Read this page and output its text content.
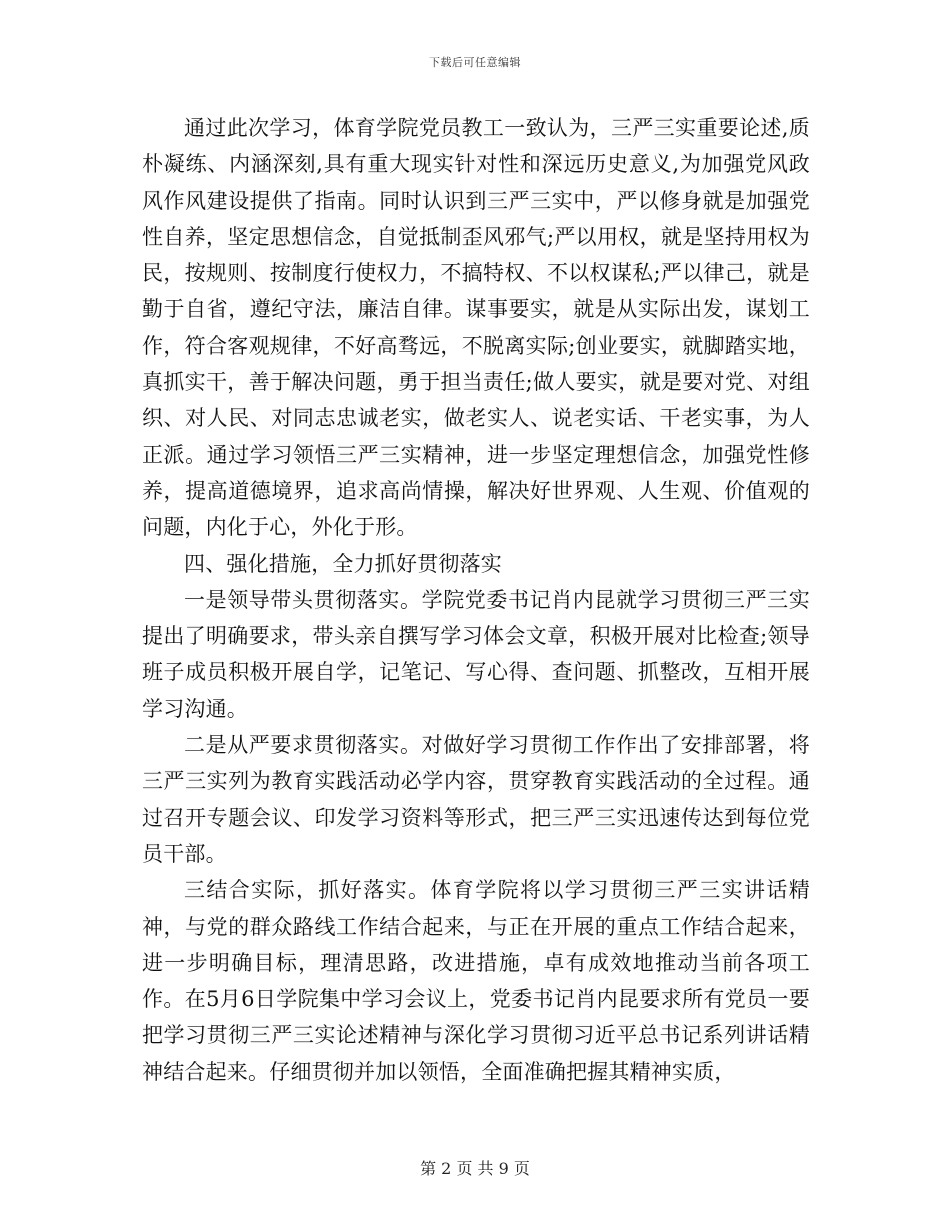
下载后可任意编辑

通过此次学习，体育学院党员教工一致认为，三严三实重要论述,质朴凝练、内涵深刻,具有重大现实针对性和深远历史意义,为加强党风政风作风建设提供了指南。同时认识到三严三实中，严以修身就是加强党性自养，坚定思想信念，自觉抵制歪风邪气;严以用权，就是坚持用权为民，按规则、按制度行使权力，不搞特权、不以权谋私;严以律己，就是勤于自省，遵纪守法，廉洁自律。谋事要实，就是从实际出发，谋划工作，符合客观规律，不好高骛远，不脱离实际;创业要实，就脚踏实地，真抓实干，善于解决问题，勇于担当责任;做人要实，就是要对党、对组织、对人民、对同志忠诚老实，做老实人、说老实话、干老实事，为人正派。通过学习领悟三严三实精神，进一步坚定理想信念，加强党性修养，提高道德境界，追求高尚情操，解决好世界观、人生观、价值观的问题，内化于心，外化于形。

四、强化措施，全力抓好贯彻落实

一是领导带头贯彻落实。学院党委书记肖内昆就学习贯彻三严三实提出了明确要求，带头亲自撰写学习体会文章，积极开展对比检查;领导班子成员积极开展自学，记笔记、写心得、查问题、抓整改，互相开展学习沟通。

二是从严要求贯彻落实。对做好学习贯彻工作作出了安排部署，将三严三实列为教育实践活动必学内容，贯穿教育实践活动的全过程。通过召开专题会议、印发学习资料等形式，把三严三实迅速传达到每位党员干部。

三结合实际，抓好落实。体育学院将以学习贯彻三严三实讲话精神，与党的群众路线工作结合起来，与正在开展的重点工作结合起来，进一步明确目标，理清思路，改进措施，卓有成效地推动当前各项工作。在5月6日学院集中学习会议上，党委书记肖内昆要求所有党员一要把学习贯彻三严三实论述精神与深化学习贯彻习近平总书记系列讲话精神结合起来。仔细贯彻并加以领悟，全面准确把握其精神实质，

第 2 页 共 9 页
